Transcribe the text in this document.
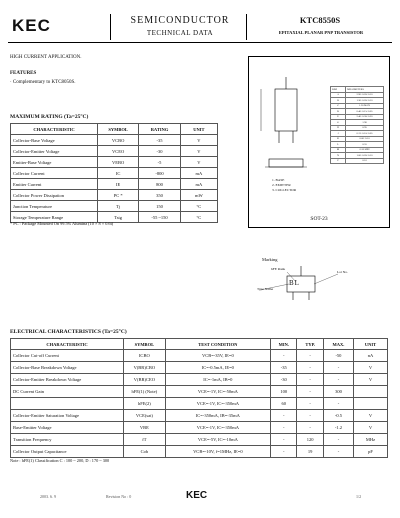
KEC	SEMICONDUCTOR
TECHNICAL DATA
KTC8550S
EPITAXIAL PLANAR PNP TRANSISTOR
HIGH CURRENT APPLICATION.
FEATURES
· Complementary to KTC8050S.
MAXIMUM RATING (Ta=25°C)
CHARACTERISTIC	SYMBOL	RATING	UNIT
Collector-Base Voltage	VCBO	-35	V
Collector-Emitter Voltage	VCEO	-30	V
Emitter-Base Voltage	VEBO	-5	V
Collector Current	IC	-800	mA
Emitter Current	IE	800	mA
Collector Power Dissipation	PC *	350	mW
Junction Temperature	Tj	150	°C
Storage Temperature Range	Tstg	-55 ~150	°C
* PC : Package Mounted On 99.5% Alumina (10 × 8 × 0.6t)
DIM	MILLIMETERS
A	2.90+0.20/-0.10
B	1.30+0.20/-0.10
C	1.30 MAX
D	0.40+0.15/-0.05
E	2.40+0.30/-0.20
G	1.90
H	0.95
J	0.13+0.10/-0.05
K	0.00~0.10
L	0.55
M	0.20 MIN
N	1.00+0.20/-0.10
P	0.10
1. BASE
2. EMITTER
3. COLLECTOR
SOT-23
Marking
BL
hFE Rank
Lot No.
Type Name
ELECTRICAL CHARACTERISTICS (Ta=25°C)
CHARACTERISTIC	SYMBOL	TEST CONDITION	MIN.	TYP.	MAX.	UNIT
Collector Cut-off Current	ICBO	VCB=-35V, IE=0	-	-	-50	nA
Collector-Base Breakdown Voltage	V(BR)CBO	IC=-0.5mA, IE=0	-35	-	-	V
Collector-Emitter Breakdown Voltage	V(BR)CEO	IC=-1mA, IB=0	-30	-	-	V
DC Current Gain	hFE(1) (Note)	VCE=-1V, IC=-50mA	100	-	300	
	hFE(2)	VCE=-1V, IC=-350mA	60	-	-	
Collector-Emitter Saturation Voltage	VCE(sat)	IC=-350mA, IB=-35mA	-	-	-0.5	V
Base-Emitter Voltage	VBE	VCE=-1V, IC=-350mA	-	-	-1.2	V
Transition Frequency	fT	VCE=-5V, IC=-10mA	-	120	-	MHz
Collector Output Capacitance	Cob	VCB=-10V, f=1MHz, IE=0	-	19	-	pF
Note : hFE(1) Classification C : 100 ~ 200, D : 170 ~ 300
2003. 6. 9	Revision No : 0	KEC	1/2
